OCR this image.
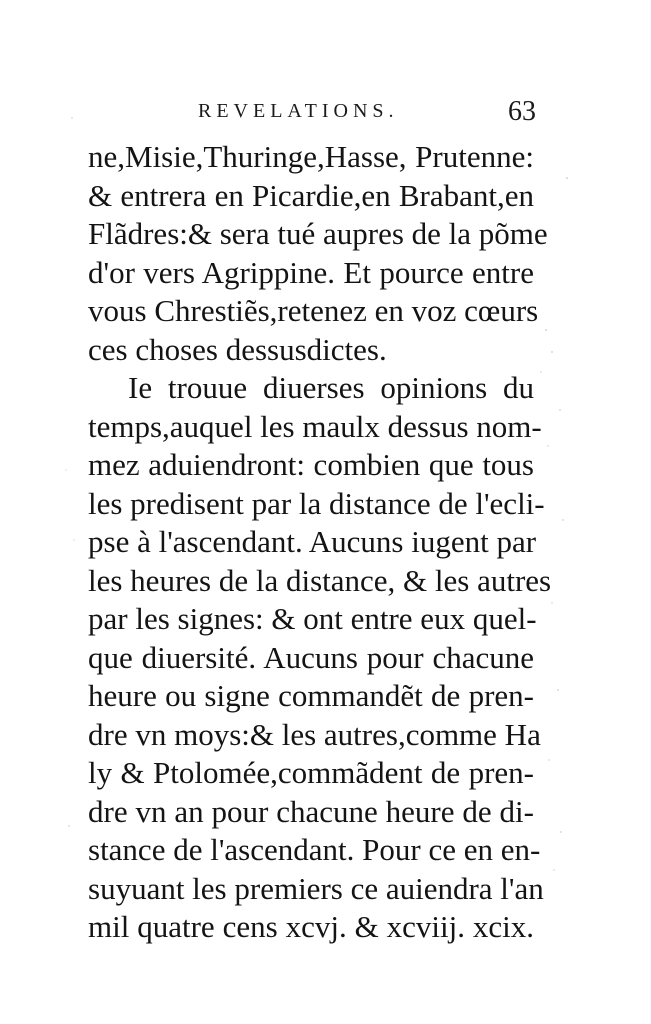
REVELATIONS.	63
ne,Misie,Thuringe,Hasse, Prutenne:
& entrera en Picardie,en Brabant,en
Flãdres:& sera tué aupres de la põme
d'or vers Agrippine. Et pource entre
vous Chrestiẽs,retenez en voz cœurs
ces choses dessusdictes.
Ie trouue diuerses opinions du
temps,auquel les maulx dessus nom-
mez aduiendront: combien que tous
les predisent par la distance de l'ecli-
pse à l'ascendant. Aucuns iugent par
les heures de la distance, & les autres
par les signes: & ont entre eux quel-
que diuersité. Aucuns pour chacune
heure ou signe commandẽt de pren-
dre vn moys:& les autres,comme Ha
ly & Ptolomée,commãdent de pren-
dre vn an pour chacune heure de di-
stance de l'ascendant. Pour ce en en-
suyuant les premiers ce auiendra l'an
mil quatre cens xcvj. & xcviij. xcix.
